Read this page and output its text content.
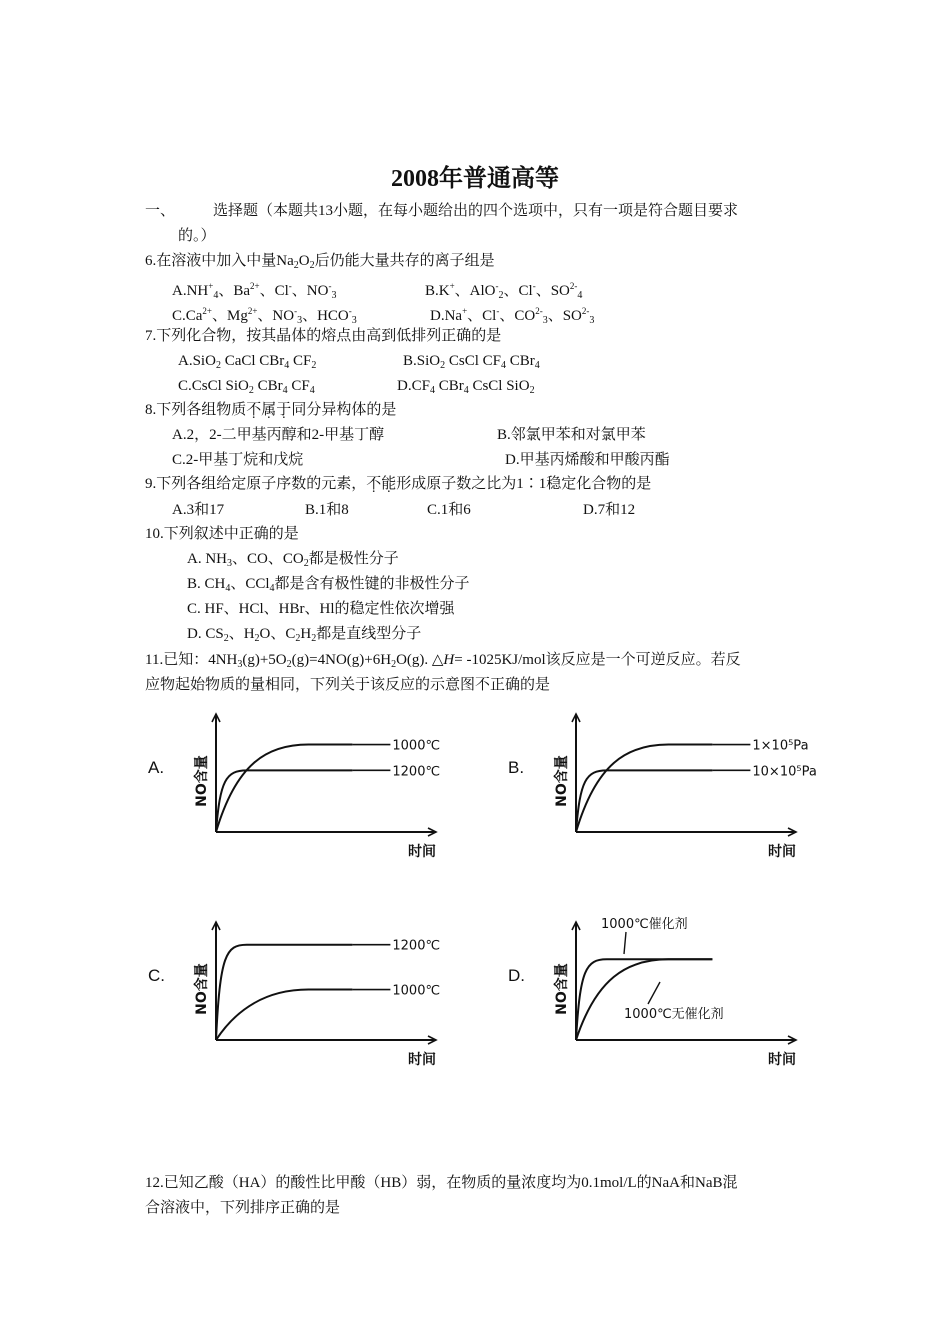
2008年普通高等
一、	选择题（本题共13小题，在每小题给出的四个选项中，只有一项是符合题目要求
的。）
6.在溶液中加入中量$Na_2O_2$后仍能大量共存的离子组是
$A.NH^+_4$、$Ba^{2+}$、Cl-、$NO^-_3$	B.K+、AlO-$_2$、Cl-、$SO^{2-}_4$
$C.Ca^{2+}$、$Mg^{2+}$、$NO^-_3$、$HCO^-_3$	D.Na+、Cl-、$CO^{2-}_3$、$SO^{2-}_3$
7.下列化合物，按其晶体的熔点由高到低排列正确的是
A.SiO$_2$ CaCl CBr$_4$ $CF_2$	B.SiO$_2$ CsCl $CF_4$ CBr$_4$
C.CsCl SiO$_2$ CBr$_4$ $CF_4$	$D.CF_4$ CBr$_4$ CsCl SiO$_2$
8.下列各组物质不属于同分异构体的是
A.2，2-二甲基丙醇和2-甲基丁醇	B.邻氯甲苯和对氯甲苯
C.2-甲基丁烷和戊烷	D.甲基丙烯酸和甲酸丙酯
9.下列各组给定原子序数的元素，不能形成原子数之比为1∶1稳定化合物的是
A.3和17	B.1和8	C.1和6	D.7和12
10.下列叙述中正确的是
A. $NH_3$、CO、$CO_2$都是极性分子
B. $CH_4$、CCl$_4$都是含有极性键的非极性分子
C. HF、HCl、HBr、Hl的稳定性依次增强
D. $CS_2$、$H_2O$、$C_2H_2$都是直线型分子
11.已知：$4NH_3(g)+5O_2(g)=4NO(g)+6H_2O(g)$. △H= -1025KJ/mol该反应是一个可逆反应。若反
应物起始物质的量相同，下列关于该反应的示意图不正确的是
A. NO含量
时间
1000℃
1200℃	B. NO含量
时间
1×10⁵Pa
10×10⁵Pa
C. NO含量
时间
1200℃
1000℃
D. NO含量
时间
1000℃催化剂
1000℃无催化剂
12.已知乙酸（HA）的酸性比甲酸（HB）弱，在物质的量浓度均为0.1mol/L的NaA和NaB混
合溶液中，下列排序正确的是
